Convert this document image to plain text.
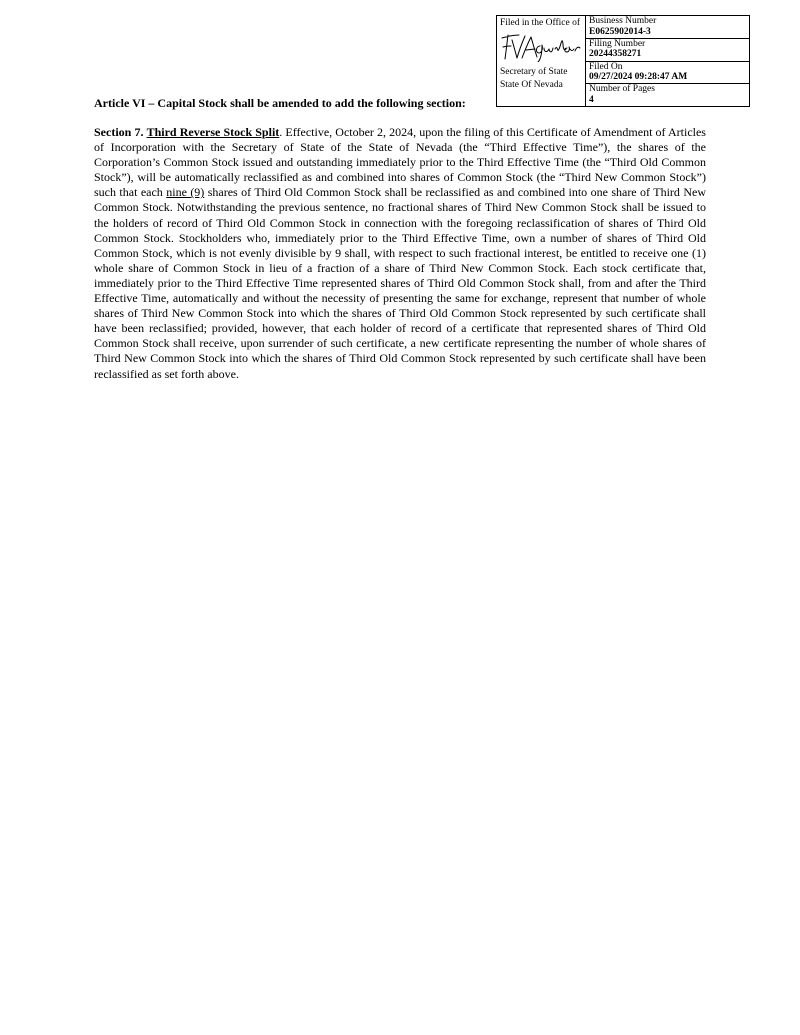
Filed in the Office of
Secretary of State
State Of Nevada
Business Number
E0625902014-3
Filing Number
20244358271
Filed On
09/27/2024 09:28:47 AM
Number of Pages
4
Article VI – Capital Stock shall be amended to add the following section:

Section 7. Third Reverse Stock Split. Effective, October 2, 2024, upon the filing of this Certificate of Amendment of Articles of Incorporation with the Secretary of State of the State of Nevada (the “Third Effective Time”), the shares of the Corporation’s Common Stock issued and outstanding immediately prior to the Third Effective Time (the “Third Old Common Stock”), will be automatically reclassified as and combined into shares of Common Stock (the “Third New Common Stock”) such that each nine (9) shares of Third Old Common Stock shall be reclassified as and combined into one share of Third New Common Stock. Notwithstanding the previous sentence, no fractional shares of Third New Common Stock shall be issued to the holders of record of Third Old Common Stock in connection with the foregoing reclassification of shares of Third Old Common Stock. Stockholders who, immediately prior to the Third Effective Time, own a number of shares of Third Old Common Stock, which is not evenly divisible by 9 shall, with respect to such fractional interest, be entitled to receive one (1) whole share of Common Stock in lieu of a fraction of a share of Third New Common Stock. Each stock certificate that, immediately prior to the Third Effective Time represented shares of Third Old Common Stock shall, from and after the Third Effective Time, automatically and without the necessity of presenting the same for exchange, represent that number of whole shares of Third New Common Stock into which the shares of Third Old Common Stock represented by such certificate shall have been reclassified; provided, however, that each holder of record of a certificate that represented shares of Third Old Common Stock shall receive, upon surrender of such certificate, a new certificate representing the number of whole shares of Third New Common Stock into which the shares of Third Old Common Stock represented by such certificate shall have been reclassified as set forth above.
